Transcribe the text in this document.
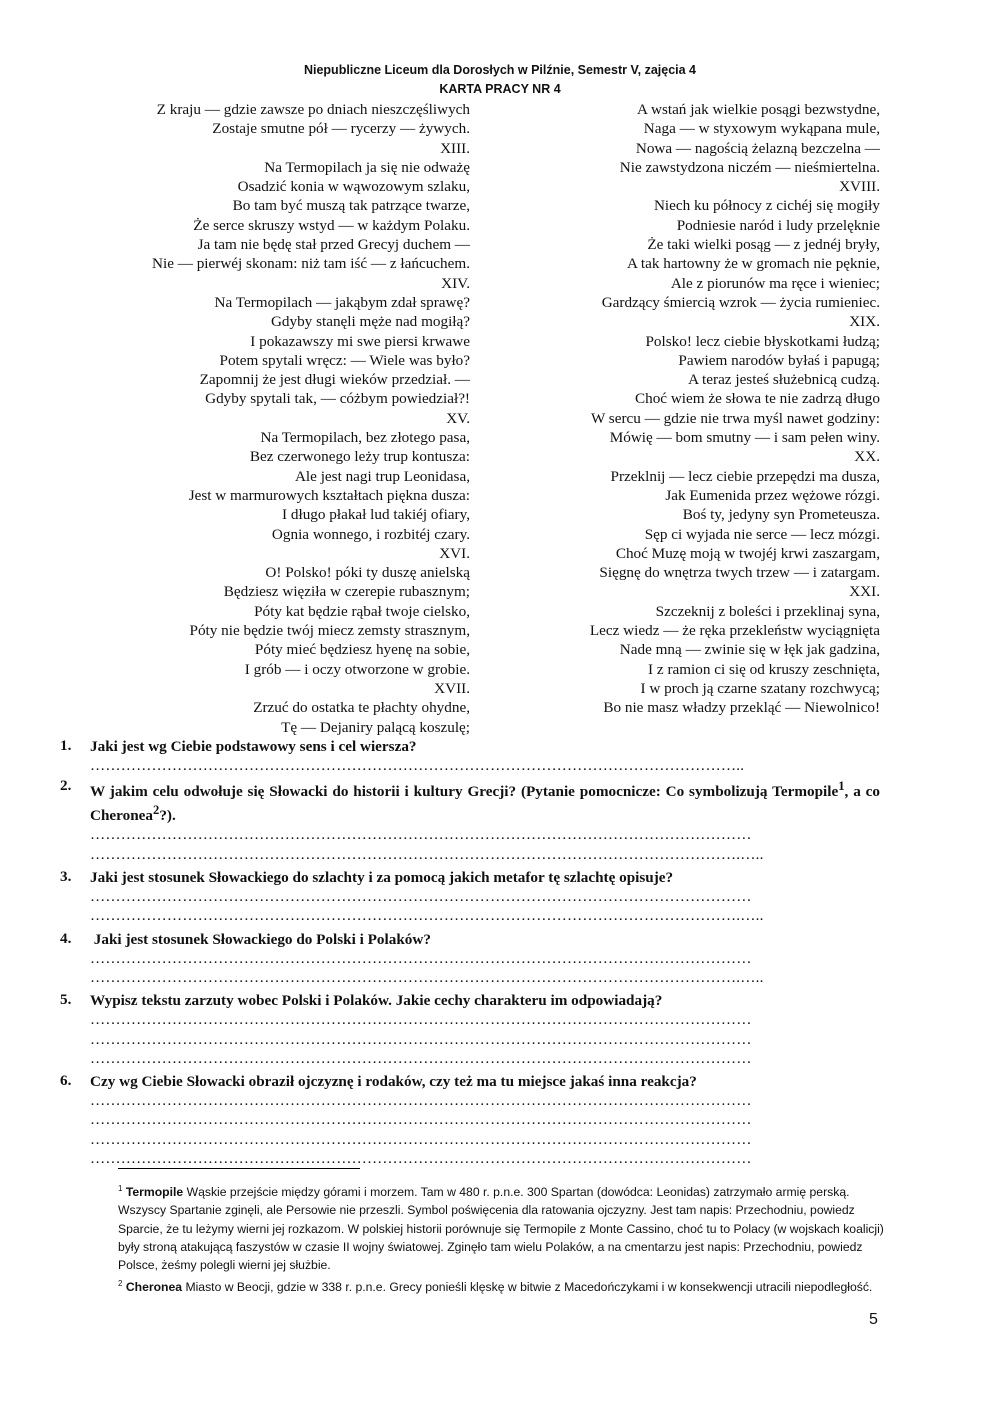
Niepubliczne Liceum dla Dorosłych w Pilźnie, Semestr V, zajęcia 4
KARTA PRACY NR 4
Z kraju — gdzie zawsze po dniach nieszczęśliwych
Zostaje smutne pół — rycerzy — żywych.
XIII.
Na Termopilach ja się nie odważę
Osadzić konia w wąwozowym szlaku,
Bo tam być muszą tak patrzące twarze,
Że serce skruszy wstyd — w każdym Polaku.
Ja tam nie będę stał przed Grecyj duchem —
Nie — pierwéj skonam: niż tam iść — z łańcuchem.
XIV.
Na Termopilach — jakąbym zdał sprawę?
Gdyby stanęli męże nad mogiłą?
I pokazawszy mi swe piersi krwawe
Potem spytali wręcz: — Wiele was było?
Zapomnij że jest długi wieków przedział. —
Gdyby spytali tak, — cóżbym powiedział?!
XV.
Na Termopilach, bez złotego pasa,
Bez czerwonego leży trup kontusza:
Ale jest nagi trup Leonidasa,
Jest w marmurowych kształtach piękna dusza:
I długo płakał lud takiéj ofiary,
Ognia wonnego, i rozbitéj czary.
XVI.
O! Polsko! póki ty duszę anielską
Będziesz więziła w czerepie rubasznym;
Póty kat będzie rąbał twoje cielsko,
Póty nie będzie twój miecz zemsty strasznym,
Póty mieć będziesz hyenę na sobie,
I grób — i oczy otworzone w grobie.
XVII.
Zrzuć do ostatka te płachty ohydne,
Tę — Dejaniry palącą koszulę;
A wstań jak wielkie posągi bezwstydne,
Naga — w styxowym wykąpana mule,
Nowa — nagością żelazną bezczelna —
Nie zawstydzona niczém — nieśmiertelna.
XVIII.
Niech ku północy z cichéj się mogiły
Podniesie naród i ludy przelęknie
Że taki wielki posąg — z jednéj bryły,
A tak hartowny że w gromach nie pęknie,
Ale z piorunów ma ręce i wieniec;
Gardzący śmiercią wzrok — życia rumieniec.
XIX.
Polsko! lecz ciebie błyskotkami łudzą;
Pawiem narodów byłaś i papugą;
A teraz jesteś służebnicą cudzą.
Choć wiem że słowa te nie zadrzą długo
W sercu — gdzie nie trwa myśl nawet godziny:
Mówię — bom smutny — i sam pełen winy.
XX.
Przeklnij — lecz ciebie przepędzi ma dusza,
Jak Eumenida przez wężowe rózgi.
Boś ty, jedyny syn Prometeusza.
Sęp ci wyjada nie serce — lecz mózgi.
Choć Muzę moją w twojéj krwi zaszargam,
Sięgnę do wnętrza twych trzew — i zatargam.
XXI.
Szczeknij z boleści i przeklinaj syna,
Lecz wiedz — że ręka przekleństw wyciągnięta
Nade mną — zwinie się w łęk jak gadzina,
I z ramion ci się od kruszy zeschnięta,
I w proch ją czarne szatany rozchwycą;
Bo nie masz władzy przekląć — Niewolnico!
1. Jaki jest wg Ciebie podstawowy sens i cel wiersza?
………………………………………………………………………………………………………………..
2. W jakim celu odwołuje się Słowacki do historii i kultury Grecji? (Pytanie pomocnicze: Co symbolizują Termopile$^1$, a co Cheronea$^2$?).
…………………………………………………………………………………………………………………
……………………………………………………………………………………………………………….…..
3. Jaki jest stosunek Słowackiego do szlachty i za pomocą jakich metafor tę szlachtę opisuje?
…………………………………………………………………………………………………………………
……………………………………………………………………………………………………………….…..
4. Jaki jest stosunek Słowackiego do Polski i Polaków?
…………………………………………………………………………………………………………………
……………………………………………………………………………………………………………….…..
5. Wypisz tekstu zarzuty wobec Polski i Polaków. Jakie cechy charakteru im odpowiadają?
…………………………………………………………………………………………………………………
…………………………………………………………………………………………………………………
…………………………………………………………………………………………………………………
6. Czy wg Ciebie Słowacki obraził ojczyznę i rodaków, czy też ma tu miejsce jakaś inna reakcja?
…………………………………………………………………………………………………………………
…………………………………………………………………………………………………………………
…………………………………………………………………………………………………………………
…………………………………………………………………………………………………………………
$^1$ Termopile Wąskie przejście między górami i morzem. Tam w 480 r. p.n.e. 300 Spartan (dowódca: Leonidas) zatrzymało armię perską. Wszyscy Spartanie zginęli, ale Persowie nie przeszli. Symbol poświęcenia dla ratowania ojczyzny. Jest tam napis: Przechodniu, powiedz Sparcie, że tu leżymy wierni jej rozkazom. W polskiej historii porównuje się Termopile z Monte Cassino, choć tu to Polacy (w wojskach koalicji) były stroną atakującą faszystów w czasie II wojny światowej. Zginęło tam wielu Polaków, a na cmentarzu jest napis: Przechodniu, powiedz Polsce, żeśmy polegli wierni jej służbie.
$^2$ Cheronea Miasto w Beocji, gdzie w 338 r. p.n.e. Grecy ponieśli klęskę w bitwie z Macedończykami i w konsekwencji utracili niepodległość.
5
